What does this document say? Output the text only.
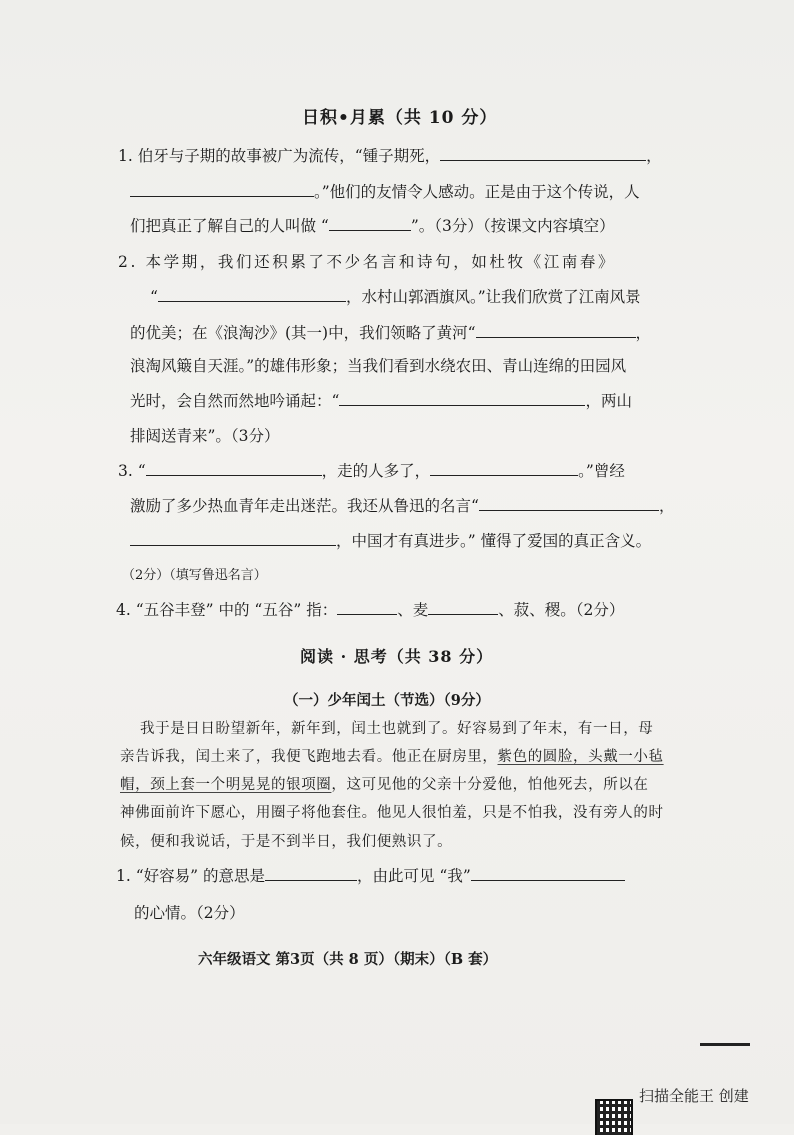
日积•月累（共 10 分）
1. 伯牙与子期的故事被广为流传，“锺子期死，	，
。”他们的友情令人感动。正是由于这个传说，人
们把真正了解自己的人叫做 “	”。（3分）（按课文内容填空）
2. 本学期，我们还积累了不少名言和诗句，如杜牧《江南春》
“	，水村山郭酒旗风。”让我们欣赏了江南风景
的优美；在《浪淘沙》(其一)中，我们领略了黄河“	，
浪淘风簸自天涯。”的雄伟形象；当我们看到水绕农田、青山连绵的田园风
光时，会自然而然地吟诵起：“	，两山
排闼送青来”。（3分）
3. “	，走的人多了，	。”曾经
激励了多少热血青年走出迷茫。我还从鲁迅的名言“	，
，中国才有真进步。” 懂得了爱国的真正含义。
（2分）（填写鲁迅名言）
4. “五谷丰登” 中的 “五谷” 指：	、麦	、菽、稷。（2分）
阅读 · 思考（共 38 分）
（一）少年闰土（节选）（9分）
我于是日日盼望新年，新年到，闰土也就到了。好容易到了年末，有一日，母
亲告诉我，闰土来了，我便飞跑地去看。他正在厨房里，紫色的圆脸，头戴一小毡
帽，颈上套一个明晃晃的银项圈，这可见他的父亲十分爱他，怕他死去，所以在
神佛面前许下愿心，用圈子将他套住。他见人很怕羞，只是不怕我，没有旁人的时
候，便和我说话，于是不到半日，我们便熟识了。
1. “好容易” 的意思是	，由此可见 “我”
的心情。（2分）
六年级语文 第3页（共 8 页）（期末）（B 套）
扫描全能王 创建
